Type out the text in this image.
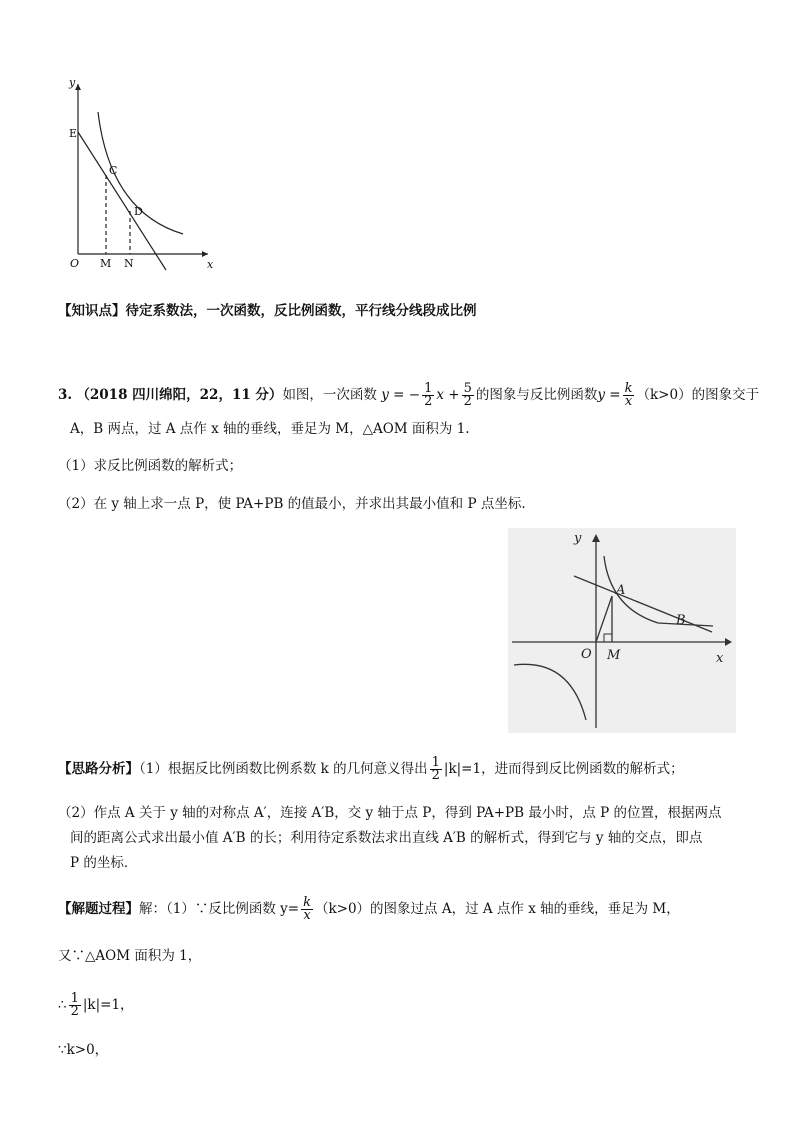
y
x
O
E
C
D
M N
【知识点】待定系数法，一次函数，反比例函数，平行线分线段成比例
3. （2018 四川绵阳，22，11 分）如图，一次函数 y = − $\frac{1}{2}$ $x + \frac{5}{2}$ 的图象与反比例函数$y = \frac{k}{x} (k>0)$的图象交于
A，B 两点，过 A 点作 x 轴的垂线，垂足为 M，△AOM 面积为 1.
（1）求反比例函数的解析式；
（2）在 y 轴上求一点 P，使 PA+PB 的值最小，并求出其最小值和 P 点坐标.
y
x
O
A
B
M
【思路分析】（1）根据反比例函数比例系数 k 的几何意义得出 $\frac{1}{2} |k|=1$，进而得到反比例函数的解析式；
（2）作点 A 关于 y 轴的对称点 A′，连接 A′B，交 y 轴于点 P，得到 PA+PB 最小时，点 P 的位置，根据两点
间的距离公式求出最小值 A′B 的长；利用待定系数法求出直线 A′B 的解析式，得到它与 y 轴的交点，即点
P 的坐标．
【解题过程】解：（1）∵反比例函数 $y= \frac{k}{x} (k>0)$的图象过点 A，过 A 点作 x 轴的垂线，垂足为 M，
又∵△AOM 面积为 1，
∴ $\frac{1}{2} |k|=1$，
∵k>0，
